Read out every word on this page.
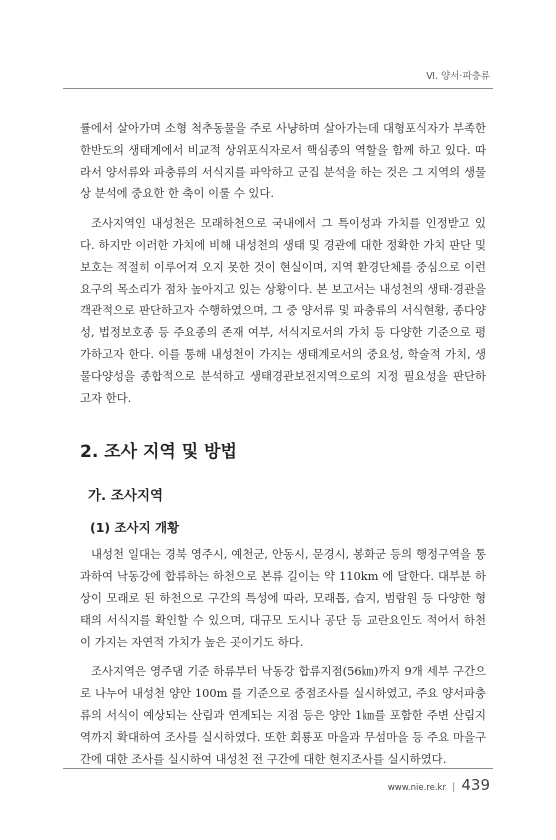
Ⅵ. 양서·파충류

률에서 살아가며 소형 척추동물을 주로 사냥하며 살아가는데 대형포식자가 부족한 한반도의 생태계에서 비교적 상위포식자로서 핵심종의 역할을 함께 하고 있다. 따라서 양서류와 파충류의 서식지를 파악하고 군집 분석을 하는 것은 그 지역의 생물상 분석에 중요한 한 축이 이룰 수 있다.

조사지역인 내성천은 모래하천으로 국내에서 그 특이성과 가치를 인정받고 있다. 하지만 이러한 가치에 비해 내성천의 생태 및 경관에 대한 정확한 가치 판단 및 보호는 적절히 이루어져 오지 못한 것이 현실이며, 지역 환경단체를 중심으로 이런 요구의 목소리가 점차 높아지고 있는 상황이다. 본 보고서는 내성천의 생태·경관을 객관적으로 판단하고자 수행하였으며, 그 중 양서류 및 파충류의 서식현황, 종다양성, 법정보호종 등 주요종의 존재 여부, 서식지로서의 가치 등 다양한 기준으로 평가하고자 한다. 이를 통해 내성천이 가지는 생태계로서의 중요성, 학술적 가치, 생물다양성을 종합적으로 분석하고 생태경관보전지역으로의 지정 필요성을 판단하고자 한다.

2. 조사 지역 및 방법
가. 조사지역
(1) 조사지 개황

내성천 일대는 경북 영주시, 예천군, 안동시, 문경시, 봉화군 등의 행정구역을 통과하여 낙동강에 합류하는 하천으로 본류 길이는 약 110km 에 달한다. 대부분 하상이 모래로 된 하천으로 구간의 특성에 따라, 모래톱, 습지, 범람원 등 다양한 형태의 서식지를 확인할 수 있으며, 대규모 도시나 공단 등 교란요인도 적어서 하천이 가지는 자연적 가치가 높은 곳이기도 하다.

조사지역은 영주댐 기준 하류부터 낙동강 합류지점(56㎞)까지 9개 세부 구간으로 나누어 내성천 양안 100m 를 기준으로 중점조사를 실시하였고, 주요 양서파충류의 서식이 예상되는 산림과 연계되는 지점 등은 양안 1㎞를 포함한 주변 산림지역까지 확대하여 조사를 실시하였다. 또한 회룡포 마을과 무섬마을 등 주요 마을구간에 대한 조사를 실시하여 내성천 전 구간에 대한 현지조사를 실시하였다.

www.nie.re.kr | 439
